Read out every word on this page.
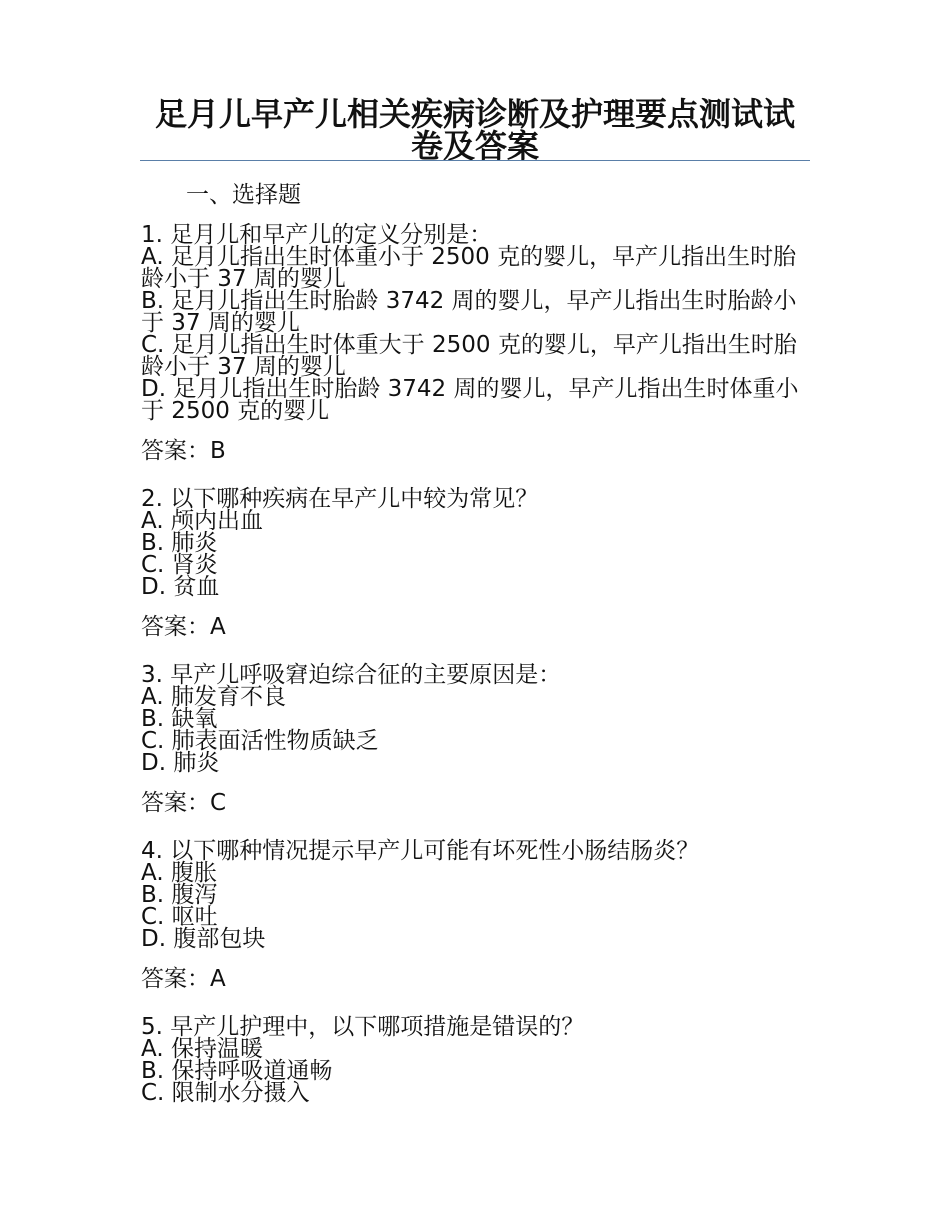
足月儿早产儿相关疾病诊断及护理要点测试试卷及答案
一、选择题
1. 足月儿和早产儿的定义分别是：
A. 足月儿指出生时体重小于 2500 克的婴儿，早产儿指出生时胎龄小于 37 周的婴儿
B. 足月儿指出生时胎龄 3742 周的婴儿，早产儿指出生时胎龄小于 37 周的婴儿
C. 足月儿指出生时体重大于 2500 克的婴儿，早产儿指出生时胎龄小于 37 周的婴儿
D. 足月儿指出生时胎龄 3742 周的婴儿，早产儿指出生时体重小于 2500 克的婴儿
答案：B
2. 以下哪种疾病在早产儿中较为常见？
A. 颅内出血
B. 肺炎
C. 肾炎
D. 贫血
答案：A
3. 早产儿呼吸窘迫综合征的主要原因是：
A. 肺发育不良
B. 缺氧
C. 肺表面活性物质缺乏
D. 肺炎
答案：C
4. 以下哪种情况提示早产儿可能有坏死性小肠结肠炎？
A. 腹胀
B. 腹泻
C. 呕吐
D. 腹部包块
答案：A
5. 早产儿护理中，以下哪项措施是错误的？
A. 保持温暖
B. 保持呼吸道通畅
C. 限制水分摄入
